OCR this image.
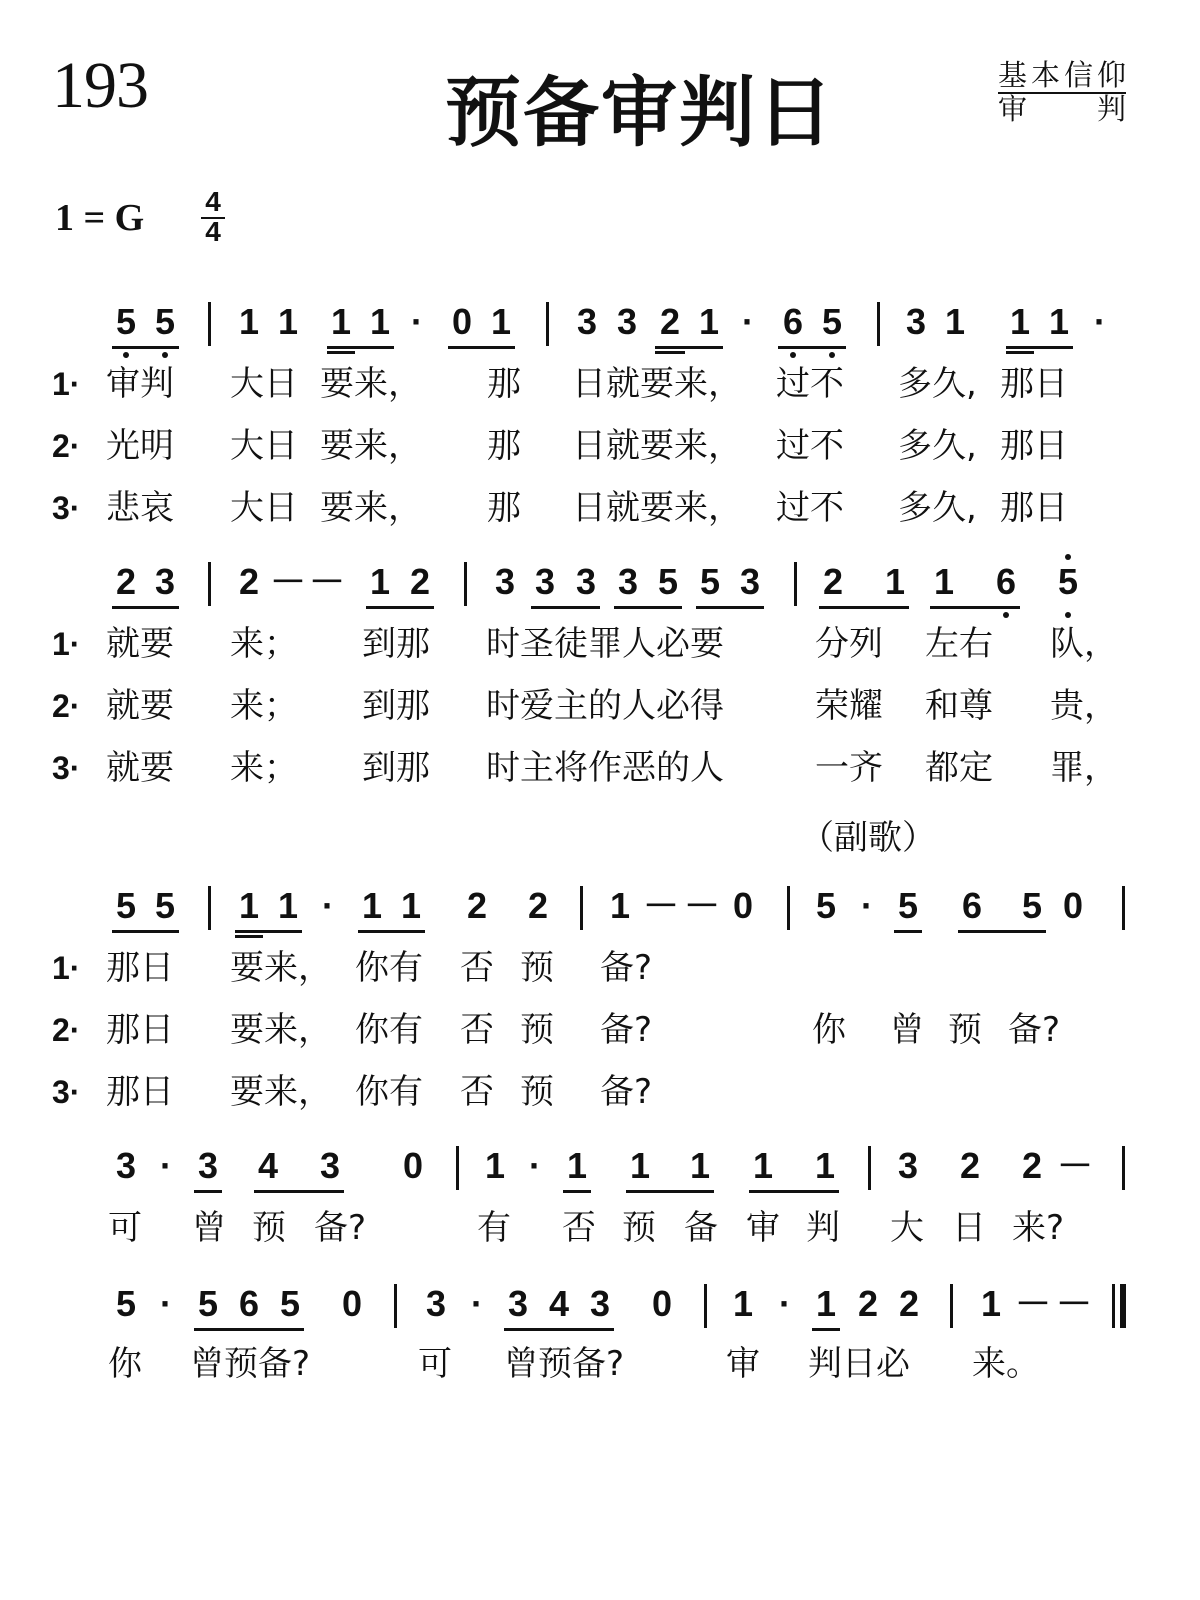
193	预备审判日	基本信仰
审 判
1 = G 4
4
5 5 1 1 1 1 · 0 1 3 3 2 1 · 6 5 3 1 1 1 ·
1· 审判 大日 要来， 那 日就要来， 过不 多久, 那日
2· 光明 大日 要来， 那 日就要来， 过不 多久, 那日
3· 悲哀 大日 要来， 那 日就要来， 过不 多久, 那日
2 3 2 － － 1 2 3 3 3 3 5 5 3 2 1 1 6 5
1· 就要 来； 到那 时圣徒罪人必要	分列 左右 队，
2· 就要 来； 到那 时爱主的人必得	荣耀 和尊 贵，
3· 就要 来； 到那 时主将作恶的人	一齐 都定 罪，
5 5 1 1 · 1 1 2 2 1 － － 0 5 · 5 6 5 0
1· 那日 要来， 你有 否 预 备?
2· 那日 要来， 你有 否 预 备?	你 曾 预 备?
3· 那日 要来， 你有 否 预 备?
3 · 3 4 3 0 1 · 1 1 1 1 1 3 2 2 －
可 曾 预 备?	有 否 预 备 审 判 大 日 来?
5 · 5 6 5 0 3 · 3 4 3 0 1 · 1 2 2 1 － －
你 曾预备?	可 曾预备?	审 判日必 来。
（副歌）
